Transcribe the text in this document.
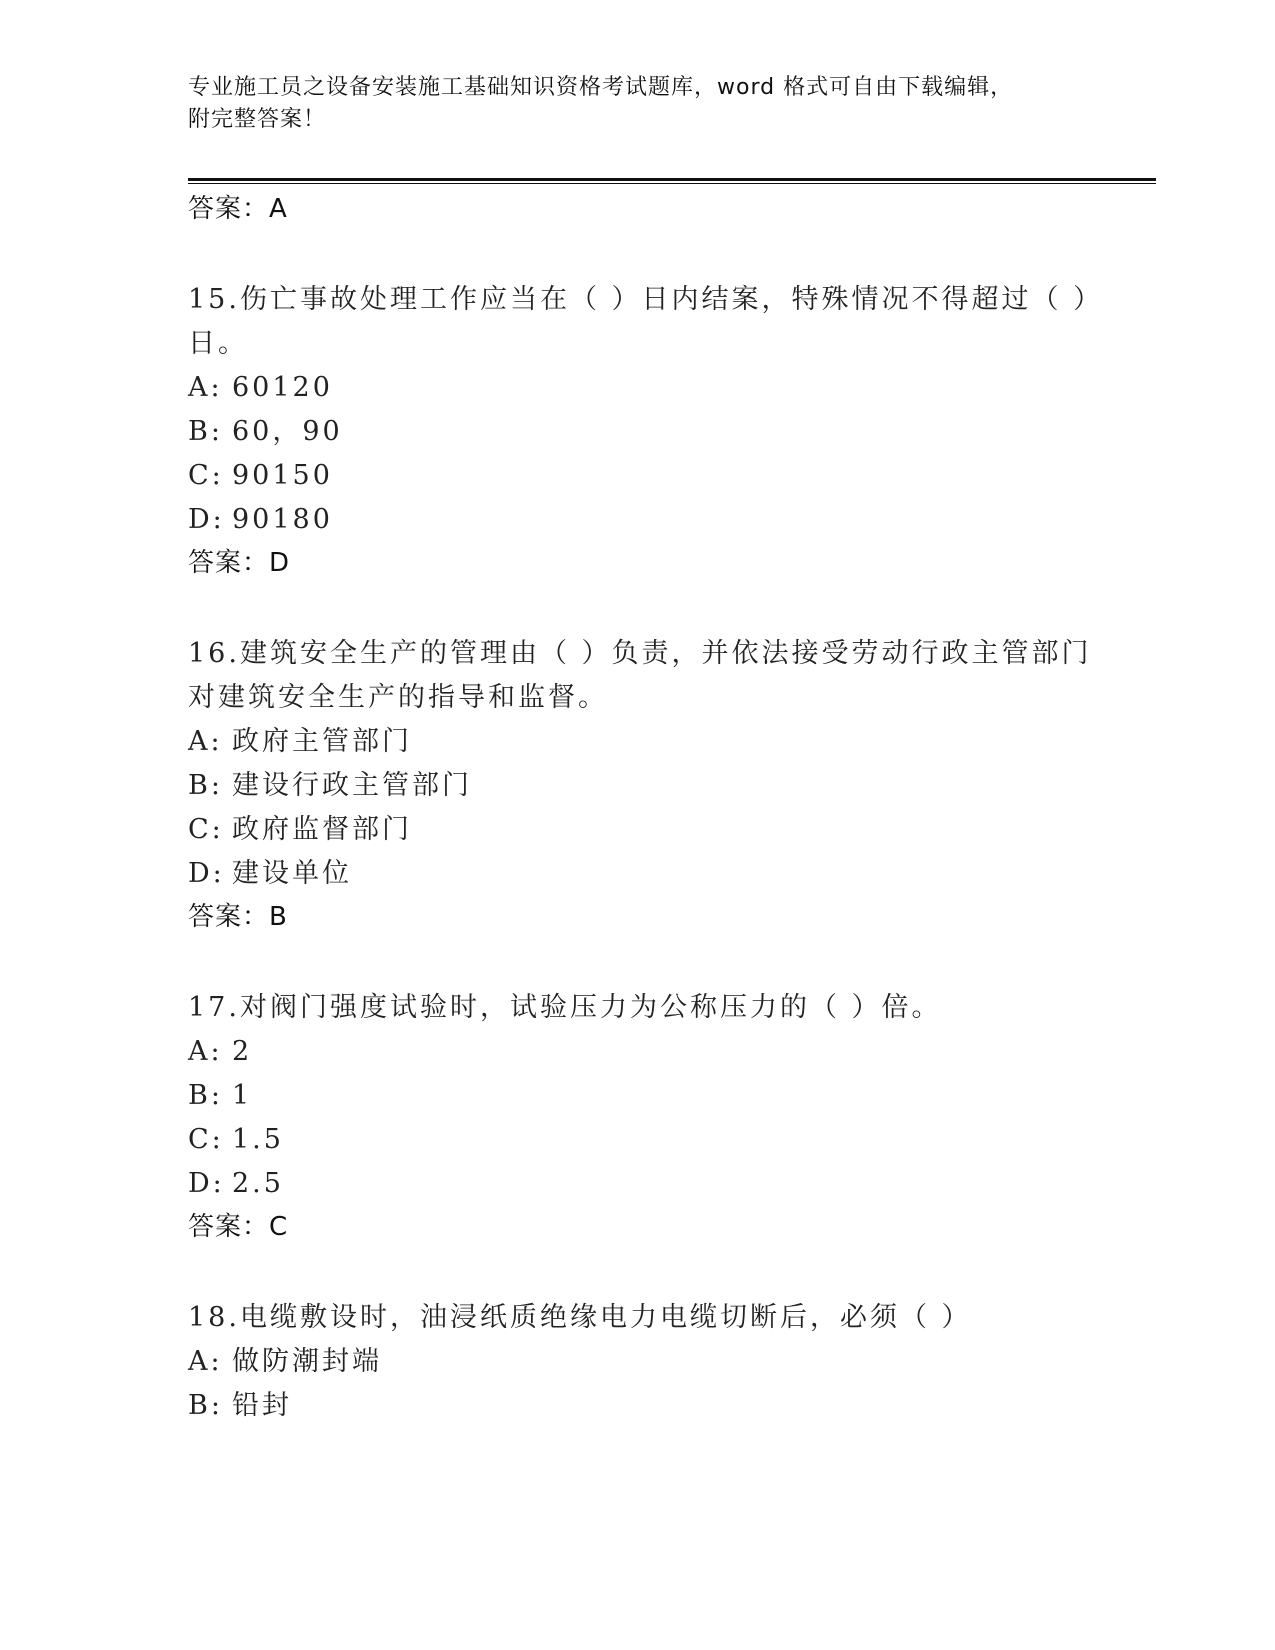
专业施工员之设备安装施工基础知识资格考试题库，word 格式可自由下载编辑，
附完整答案！
答案：A
15.伤亡事故处理工作应当在（ ）日内结案，特殊情况不得超过（ ）
日。
A: 60120
B: 60，90
C: 90150
D: 90180
答案：D
16.建筑安全生产的管理由（ ）负责，并依法接受劳动行政主管部门
对建筑安全生产的指导和监督。
A: 政府主管部门
B: 建设行政主管部门
C: 政府监督部门
D: 建设单位
答案：B
17.对阀门强度试验时，试验压力为公称压力的（ ）倍。
A: 2
B: 1
C: 1.5
D: 2.5
答案：C
18.电缆敷设时，油浸纸质绝缘电力电缆切断后，必须（ ）
A: 做防潮封端
B: 铅封
